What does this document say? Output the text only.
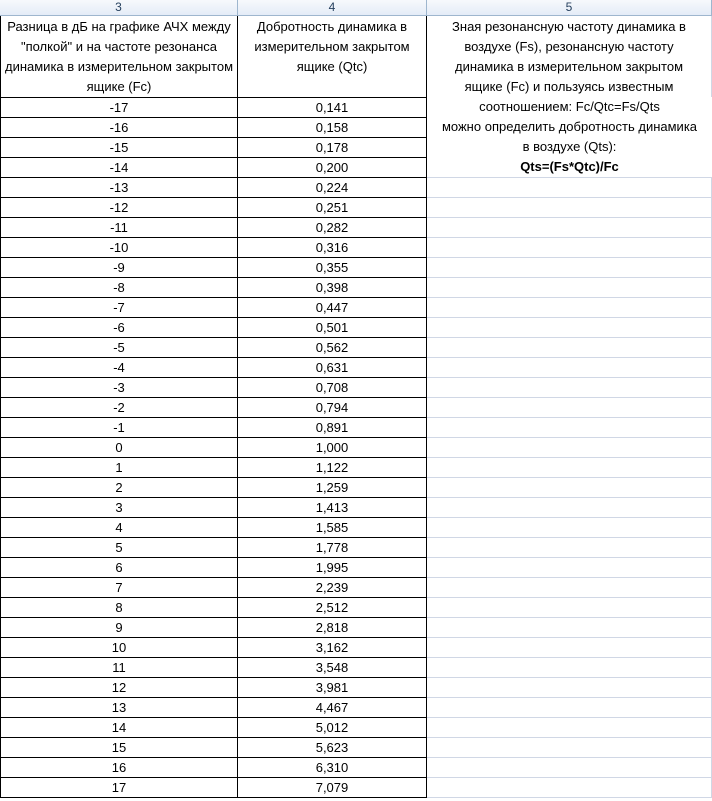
3	4	5
Разница в дБ на графике АЧХ между "полкой" и на частоте резонанса динамика в измерительном закрытом ящике (Fc)
-17
-16
-15
-14
-13
-12
-11
-10
-9
-8
-7
-6
-5
-4
-3
-2
-1
0
1
2
3
4
5
6
7
8
9
10
11
12
13
14
15
16
17
Добротность динамика в измерительном закрытом ящике (Qtc)
0,141
0,158
0,178
0,200
0,224
0,251
0,282
0,316
0,355
0,398
0,447
0,501
0,562
0,631
0,708
0,794
0,891
1,000
1,122
1,259
1,413
1,585
1,778
1,995
2,239
2,512
2,818
3,162
3,548
3,981
4,467
5,012
5,623
6,310
7,079
Зная резонансную частоту динамика в
воздухе (Fs), резонансную частоту
динамика в измерительном закрытом
ящике (Fc) и пользуясь известным
соотношением: Fc/Qtc=Fs/Qts
можно определить добротность динамика
в воздухе (Qts):
Qts=(Fs*Qtc)/Fc
